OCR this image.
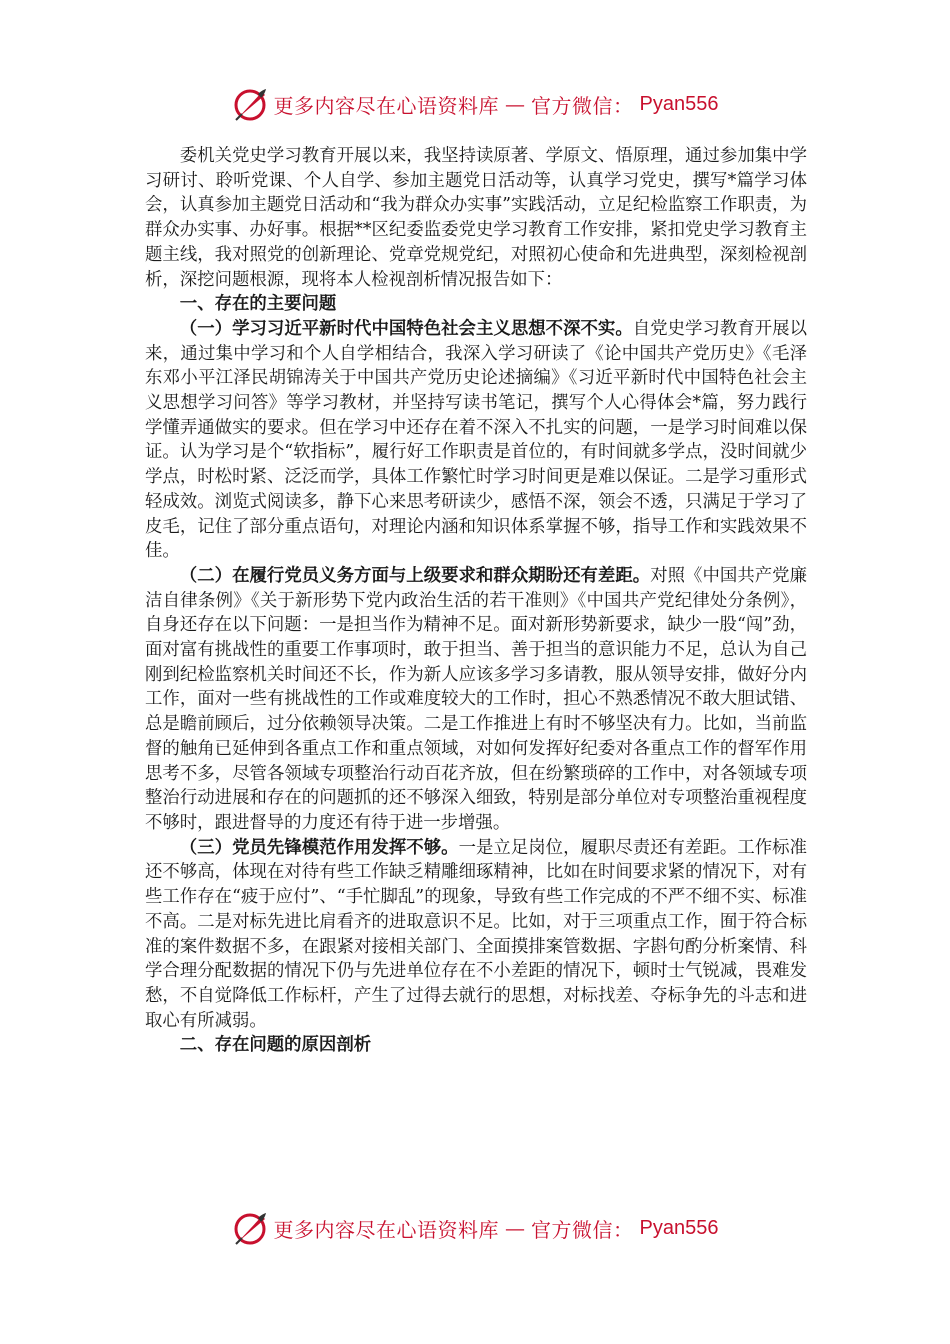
更多内容尽在心语资料库 — 官方微信： Pyan556

委机关党史学习教育开展以来，我坚持读原著、学原文、悟原理，通过参加集中学习研讨、聆听党课、个人自学、参加主题党日活动等，认真学习党史，撰写*篇学习体会，认真参加主题党日活动和“我为群众办实事”实践活动，立足纪检监察工作职责，为群众办实事、办好事。根据**区纪委监委党史学习教育工作安排，紧扣党史学习教育主题主线，我对照党的创新理论、党章党规党纪，对照初心使命和先进典型，深刻检视剖析，深挖问题根源，现将本人检视剖析情况报告如下：

一、存在的主要问题

（一）学习习近平新时代中国特色社会主义思想不深不实。自党史学习教育开展以来，通过集中学习和个人自学相结合，我深入学习研读了《论中国共产党历史》《毛泽东邓小平江泽民胡锦涛关于中国共产党历史论述摘编》《习近平新时代中国特色社会主义思想学习问答》等学习教材，并坚持写读书笔记，撰写个人心得体会*篇，努力践行学懂弄通做实的要求。但在学习中还存在着不深入不扎实的问题，一是学习时间难以保证。认为学习是个“软指标”，履行好工作职责是首位的，有时间就多学点，没时间就少学点，时松时紧、泛泛而学，具体工作繁忙时学习时间更是难以保证。二是学习重形式轻成效。浏览式阅读多，静下心来思考研读少，感悟不深，领会不透，只满足于学习了皮毛，记住了部分重点语句，对理论内涵和知识体系掌握不够，指导工作和实践效果不佳。

（二）在履行党员义务方面与上级要求和群众期盼还有差距。对照《中国共产党廉洁自律条例》《关于新形势下党内政治生活的若干准则》《中国共产党纪律处分条例》，自身还存在以下问题：一是担当作为精神不足。面对新形势新要求，缺少一股“闯”劲，面对富有挑战性的重要工作事项时，敢于担当、善于担当的意识能力不足，总认为自己刚到纪检监察机关时间还不长，作为新人应该多学习多请教，服从领导安排，做好分内工作，面对一些有挑战性的工作或难度较大的工作时，担心不熟悉情况不敢大胆试错、总是瞻前顾后，过分依赖领导决策。二是工作推进上有时不够坚决有力。比如，当前监督的触角已延伸到各重点工作和重点领域，对如何发挥好纪委对各重点工作的督军作用思考不多，尽管各领域专项整治行动百花齐放，但在纷繁琐碎的工作中，对各领域专项整治行动进展和存在的问题抓的还不够深入细致，特别是部分单位对专项整治重视程度不够时，跟进督导的力度还有待于进一步增强。

（三）党员先锋模范作用发挥不够。一是立足岗位，履职尽责还有差距。工作标准还不够高，体现在对待有些工作缺乏精雕细琢精神，比如在时间要求紧的情况下，对有些工作存在“疲于应付”、“手忙脚乱”的现象，导致有些工作完成的不严不细不实、标准不高。二是对标先进比肩看齐的进取意识不足。比如，对于三项重点工作，囿于符合标准的案件数据不多，在跟紧对接相关部门、全面摸排案管数据、字斟句酌分析案情、科学合理分配数据的情况下仍与先进单位存在不小差距的情况下，顿时士气锐减，畏难发愁，不自觉降低工作标杆，产生了过得去就行的思想，对标找差、夺标争先的斗志和进取心有所减弱。

二、存在问题的原因剖析
更多内容尽在心语资料库 — 官方微信： Pyan556
